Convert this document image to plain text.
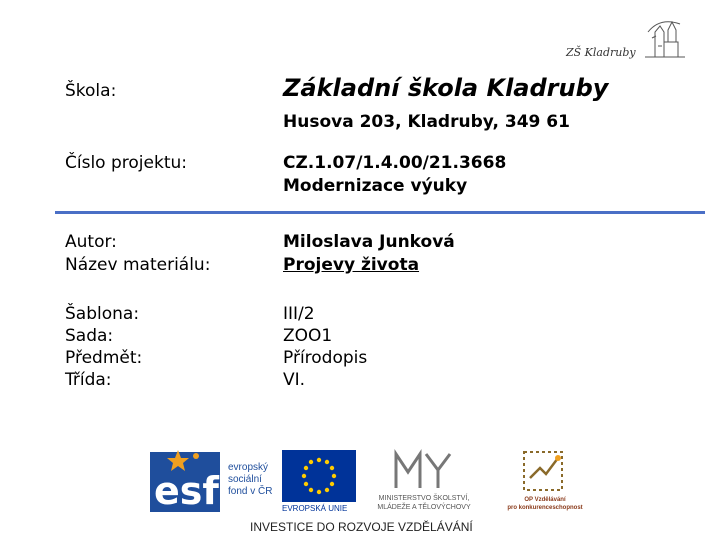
ZŠ Kladruby
Škola:	Základní škola Kladruby
Husova 203, Kladruby, 349 61
Číslo projektu:	CZ.1.07/1.4.00/21.3668
Modernizace výuky
Autor:
Název materiálu:
Miloslava Junková
Projevy života
Šablona:
Sada:
Předmět:
Třída:
III/2
ZOO1
Přírodopis
VI.
esf
evropský
sociální
fond v ČR
EVROPSKÁ UNIE
MINISTERSTVO ŠKOLSTVÍ,
MLÁDEŽE A TĚLOVÝCHOVY
OP Vzdělávání
pro konkurenceschopnost
INVESTICE DO ROZVOJE VZDĚLÁVÁNÍ
